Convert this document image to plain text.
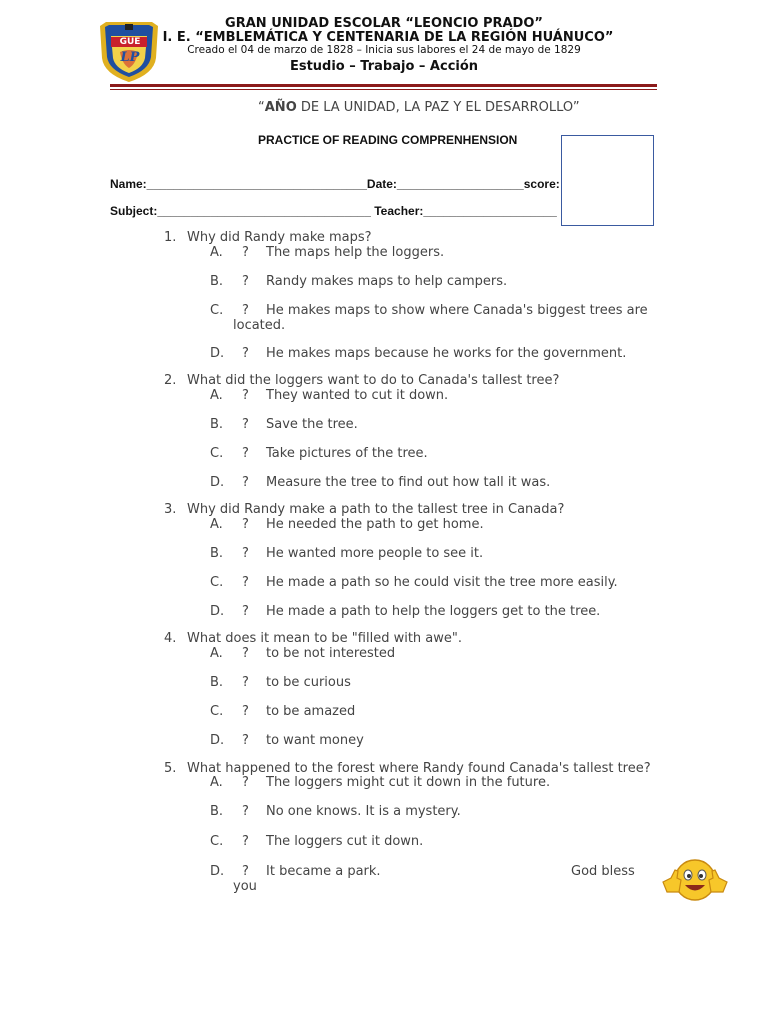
GUE
LP
GRAN UNIDAD ESCOLAR “LEONCIO PRADO”
I. E. “EMBLEMÁTICA Y CENTENARIA DE LA REGIÓN HUÁNUCO”
Creado el 04 de marzo de 1828 – Inicia sus labores el 24 de mayo de 1829
Estudio – Trabajo – Acción
“AÑO DE LA UNIDAD, LA PAZ Y EL DESARROLLO”
PRACTICE OF READING COMPRENHENSION
Name:_________________________________Date:___________________score:
Subject:________________________________ Teacher:____________________
1. Why did Randy make maps?
A. ? The maps help the loggers.
B. ? Randy makes maps to help campers.
C. ? He makes maps to show where Canada's biggest trees are
located.
D. ? He makes maps because he works for the government.
2. What did the loggers want to do to Canada's tallest tree?
A. ? They wanted to cut it down.
B. ? Save the tree.
C. ? Take pictures of the tree.
D. ? Measure the tree to find out how tall it was.
3. Why did Randy make a path to the tallest tree in Canada?
A. ? He needed the path to get home.
B. ? He wanted more people to see it.
C. ? He made a path so he could visit the tree more easily.
D. ? He made a path to help the loggers get to the tree.
4. What does it mean to be "filled with awe".
A. ? to be not interested
B. ? to be curious
C. ? to be amazed
D. ? to want money
5. What happened to the forest where Randy found Canada's tallest tree?
A. ? The loggers might cut it down in the future.
B. ? No one knows. It is a mystery.
C. ? The loggers cut it down.
D. ? It became a park.	God bless
you
